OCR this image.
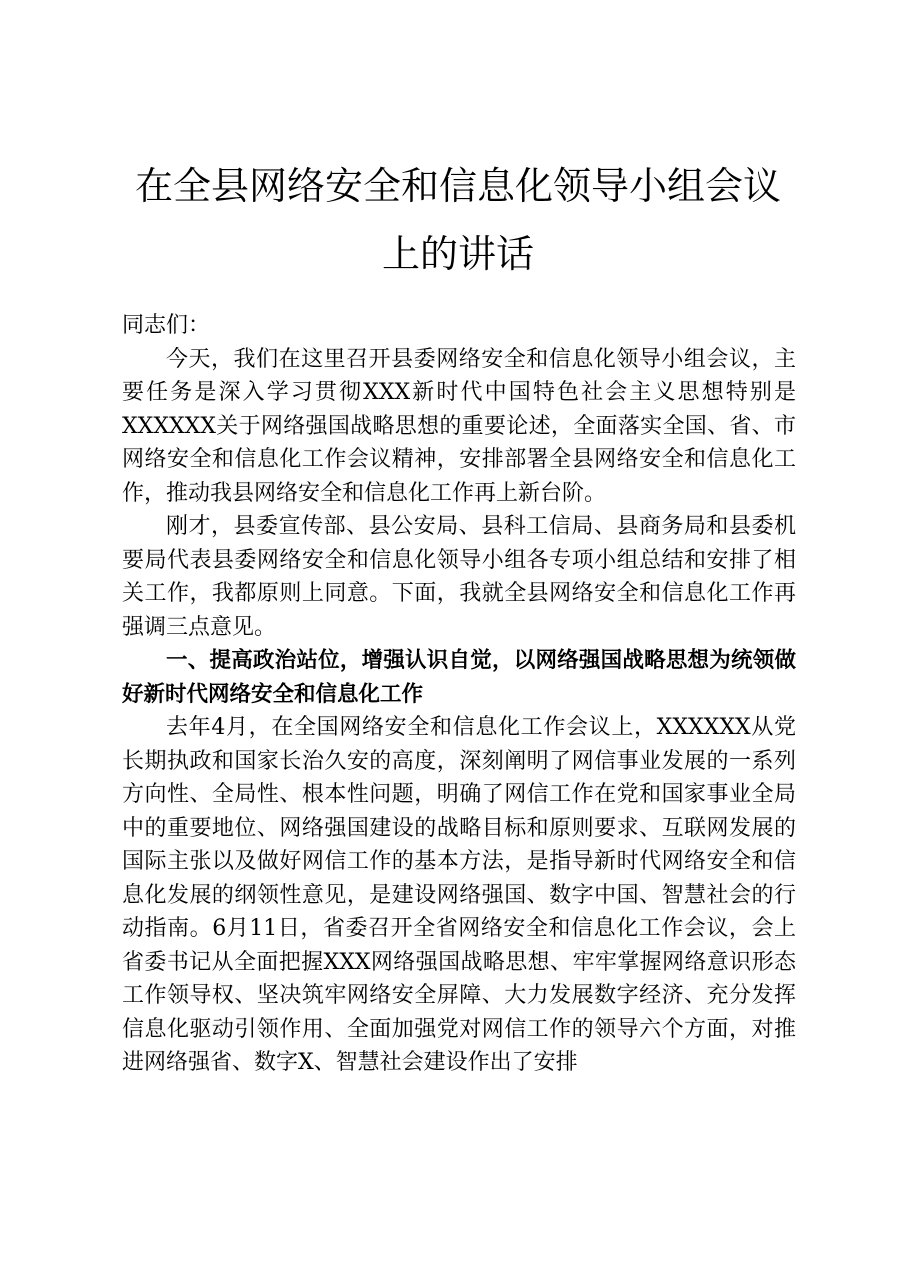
在全县网络安全和信息化领导小组会议上的讲话

同志们：

今天，我们在这里召开县委网络安全和信息化领导小组会议，主要任务是深入学习贯彻XXX新时代中国特色社会主义思想特别是XXXXXX关于网络强国战略思想的重要论述，全面落实全国、省、市网络安全和信息化工作会议精神，安排部署全县网络安全和信息化工作，推动我县网络安全和信息化工作再上新台阶。

刚才，县委宣传部、县公安局、县科工信局、县商务局和县委机要局代表县委网络安全和信息化领导小组各专项小组总结和安排了相关工作，我都原则上同意。下面，我就全县网络安全和信息化工作再强调三点意见。

一、提高政治站位，增强认识自觉，以网络强国战略思想为统领做好新时代网络安全和信息化工作

去年4月，在全国网络安全和信息化工作会议上，XXXXXX从党长期执政和国家长治久安的高度，深刻阐明了网信事业发展的一系列方向性、全局性、根本性问题，明确了网信工作在党和国家事业全局中的重要地位、网络强国建设的战略目标和原则要求、互联网发展的国际主张以及做好网信工作的基本方法，是指导新时代网络安全和信息化发展的纲领性意见，是建设网络强国、数字中国、智慧社会的行动指南。6月11日，省委召开全省网络安全和信息化工作会议，会上省委书记从全面把握XXX网络强国战略思想、牢牢掌握网络意识形态工作领导权、坚决筑牢网络安全屏障、大力发展数字经济、充分发挥信息化驱动引领作用、全面加强党对网信工作的领导六个方面，对推进网络强省、数字X、智慧社会建设作出了安排
